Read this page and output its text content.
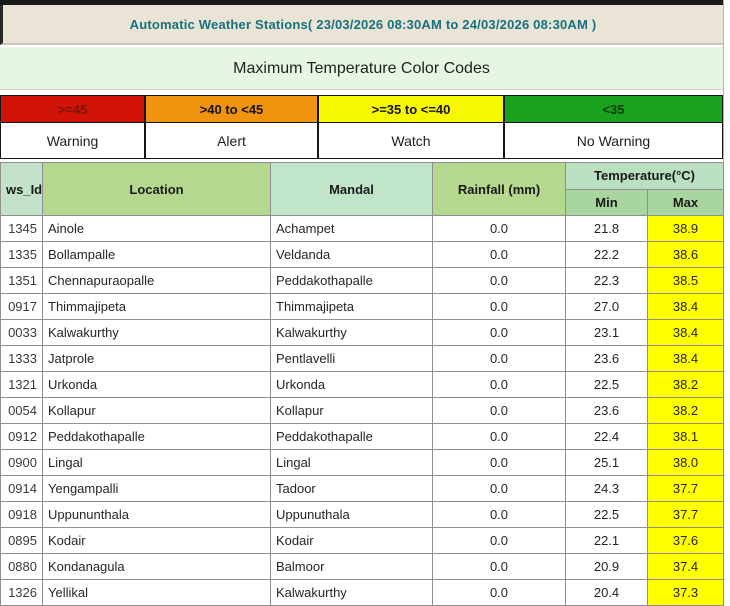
Automatic Weather Stations( 23/03/2026 08:30AM to 24/03/2026 08:30AM )
Maximum Temperature Color Codes
>=45	>40 to <45	>=35 to <=40	<35
Warning	Alert	Watch	No Warning
ws_Id	Location	Mandal	Rainfall (mm)	Temperature(°C)	
				Min	Max
1345	Ainole	Achampet	0.0	21.8	38.9
1335	Bollampalle	Veldanda	0.0	22.2	38.6
1351	Chennapuraopalle	Peddakothapalle	0.0	22.3	38.5
0917	Thimmajipeta	Thimmajipeta	0.0	27.0	38.4
0033	Kalwakurthy	Kalwakurthy	0.0	23.1	38.4
1333	Jatprole	Pentlavelli	0.0	23.6	38.4
1321	Urkonda	Urkonda	0.0	22.5	38.2
0054	Kollapur	Kollapur	0.0	23.6	38.2
0912	Peddakothapalle	Peddakothapalle	0.0	22.4	38.1
0900	Lingal	Lingal	0.0	25.1	38.0
0914	Yengampalli	Tadoor	0.0	24.3	37.7
0918	Uppununthala	Uppunuthala	0.0	22.5	37.7
0895	Kodair	Kodair	0.0	22.1	37.6
0880	Kondanagula	Balmoor	0.0	20.9	37.4
1326	Yellikal	Kalwakurthy	0.0	20.4	37.3
